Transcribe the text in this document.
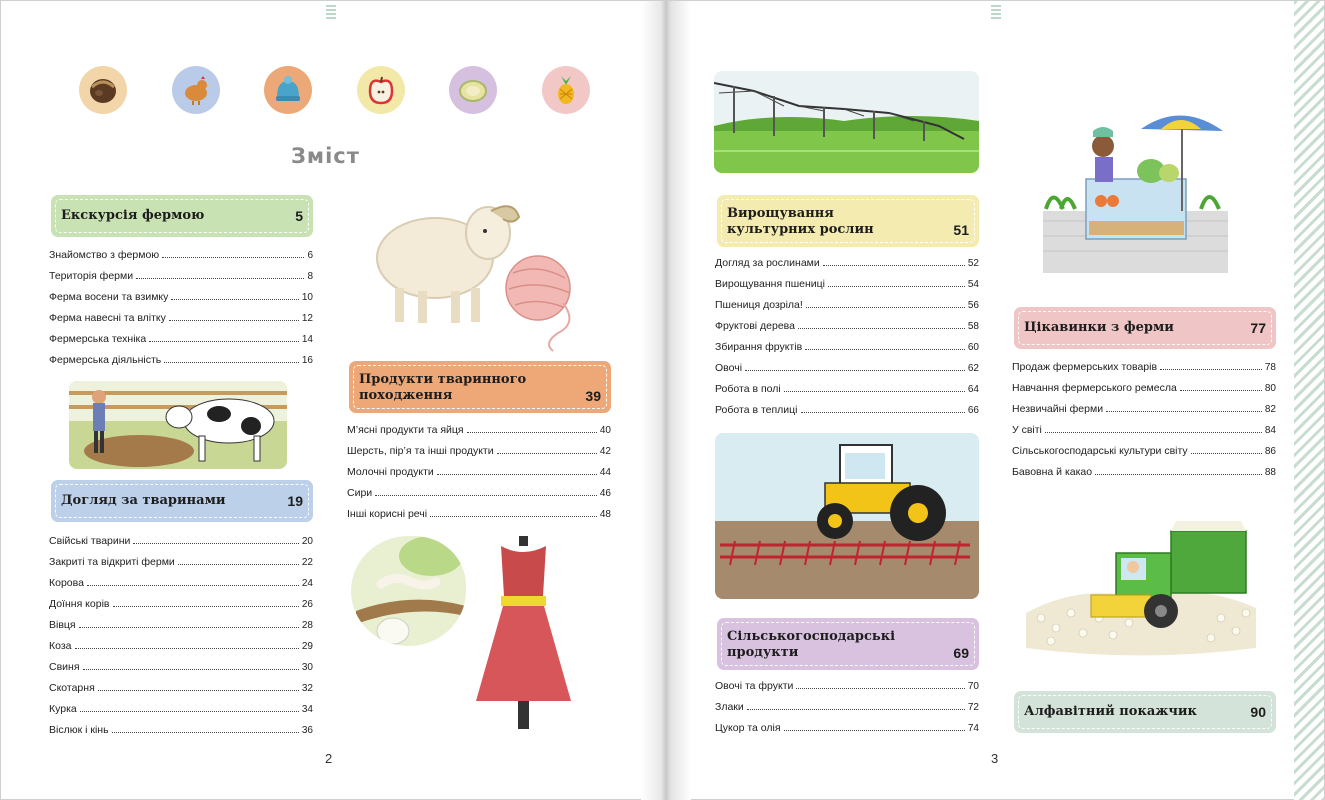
Зміст
Екскурсія фермою	5
Знайомство з фермою	6
Територія ферми	8
Ферма восени та взимку	10
Ферма навесні та влітку	12
Фермерська техніка	14
Фермерська діяльність	16
Догляд за тваринами	19
Свійські тварини	20
Закриті та відкриті ферми	22
Корова	24
Доїння корів	26
Вівця	28
Коза	29
Свиня	30
Скотарня	32
Курка	34
Віслюк і кінь	36
Продукти тваринного походження	39
М’ясні продукти та яйця	40
Шерсть, пір’я та інші продукти	42
Молочні продукти	44
Сири	46
Інші корисні речі	48
2
Вирощування культурних рослин	51
Догляд за рослинами	52
Вирощування пшениці	54
Пшениця дозріла!	56
Фруктові дерева	58
Збирання фруктів	60
Овочі	62
Робота в полі	64
Робота в теплиці	66
Сільськогосподарські продукти	69
Овочі та фрукти	70
Злаки	72
Цукор та олія	74
Цікавинки з ферми	77
Продаж фермерських товарів	78
Навчання фермерського ремесла	80
Незвичайні ферми	82
У світі	84
Сільськогосподарські культури світу	86
Бавовна й какао	88
Алфавітний покажчик	90
3
